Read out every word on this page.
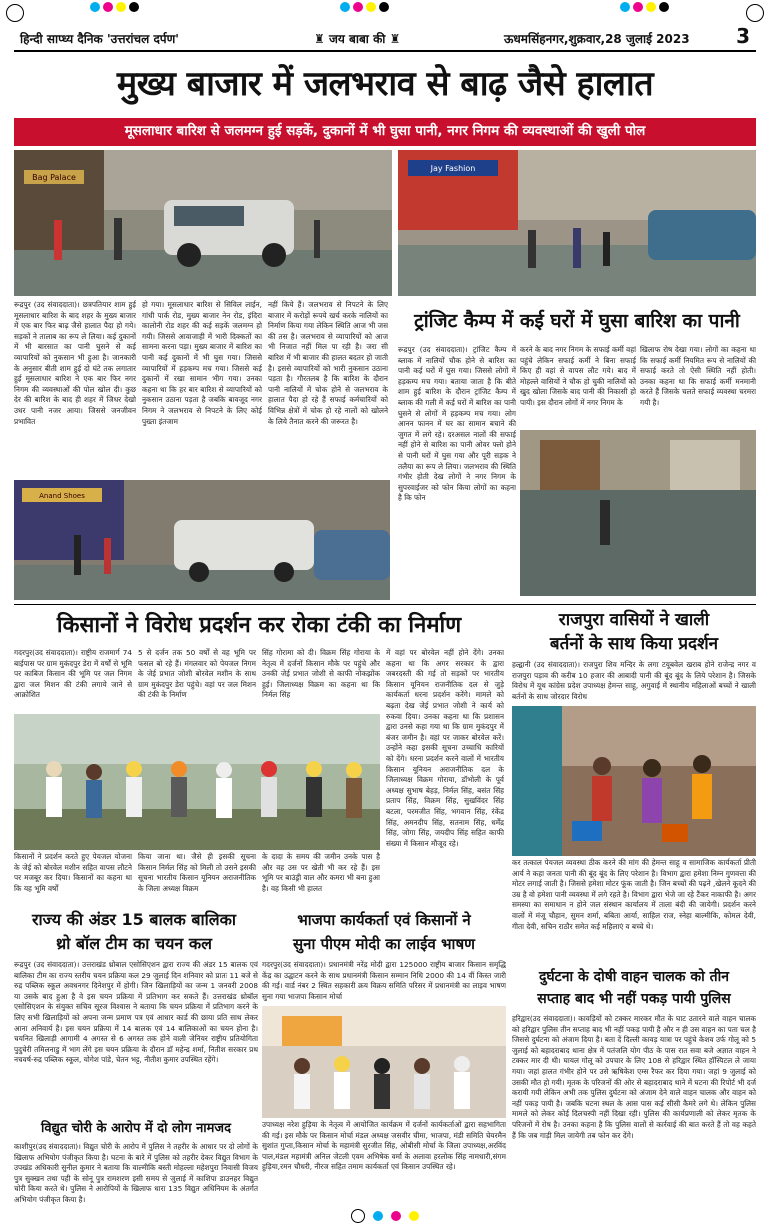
हिन्दी साप्ध्य दैनिक 'उत्तरांचल दर्पण'	♜ जय बाबा की ♜	ऊधमसिंहनगर,शुक्रवार,28 जुलाई 2023 3
मुख्य बाजार में जलभराव से बाढ़ जैसे हालात
मूसलाधार बारिश से जलमग्न हुई सड़कें, दुकानों में भी घुसा पानी, नगर निगम की व्यवस्थाओं की खुली पोल
Bag Palace
Jay Fashion
रूद्रपुर (उद संवाददाता)। छत्रपतियार शाम हुई मूसलाधार बारिश के बाद शहर के मुख्य बाजार में एक बार फिर बाढ़ जैसे हालात पैदा हो गये। सड़कों ने तालाब का रूप ले लिया। कई दुकानों में भी बारसात का पानी घुसने से कई व्यापारियों को नुकसान भी हुआ है। जानकारी के अनुसार बीती शाम हुई दो घंटे तक लगातार हुई मूसलाधार बारिश ने एक बार फिर नगर निगम की व्यवस्थाओं की पोल खोल दी। कुछ देर की बारिश के बाद ही शहर में जिधर देखो उधर पानी नजर आया। जिससे जनजीवन प्रभावित
हो गया। मूसलाधार बारिश से सिविल लाईन, गांधी पार्क रोड, मुख्य बाजार नेन रोड, इंदिरा कालोनी रोड शहर की कई सड़कें जलमग्न हो गयी। जिससे आवाजाही में भारी दिक्कतों का सामना करना पड़ा। मुख्य बाजार में बारिश का पानी कई दुकानों में भी घुस गया। जिससे व्यापारियों में हड़कम्प मच गया। जिससे कई दुकानों में रखा सामान भीग गया। उनका कहना था कि हर बार बारिश से व्यापारियों को नुकसान उठाना पड़ता है जबकि बावजूद नगर निगम ने जलभराव से निपटने के लिए कोई पुख्ता इंतजाम
नहीं किये हैं। जलभराव से निपटने के लिए बाजार में करोड़ों रूपये खर्च करके नालियों का निर्माण किया गया लेकिन स्थिति आज भी जस की तस है। जलभराव से व्यापारियों को आज भी निजात नहीं मिल पा रही है। जरा सी बारिश में भी बाजार की हालत बदतर हो जाती है। इससे व्यापारियों को भारी नुकसान उठाना पड़ता है। गौरतलब है कि बारिश के दौरान पानी नालियों में चोक होने से जलभराव के हालात पैदा हो रहे हैं सफाई कर्मचारियों को विभिन्न क्षेत्रों में चोक हो रहे नालों को खोलने के लिये तैनात करने की जरूरत है।
Anand Shoes
ट्रांजिट कैम्प में कई घरों में घुसा बारिश का पानी
रूद्रपुर (उद संवाददाता)। ट्रांजिट कैम्प में ब्लाक में नालियों चौक होने से बारिश का पानी कई घरों में घुस गया। जिससे लोगों में हड़कम्प मच गया। बताया जाता है कि बीते शाम हुई बारिश के दौरान ट्रांजिट कैम्प में ब्लाक की गली में कई घरों में बारिश का पानी घुसने से लोगों में हड़कम्प मच गया। लोग आनन फानन में घर का सामान बचाने की जुगत में लगे रहे। दरअसल नालों की सफाई नहीं होने से बारिश का पानी ओवर फ्लो होने से पानी घरों में घुस गया और पूरी सड़क ने तलैया का रूप ले लिया। जलभराव की स्थिति गंभीर होती देख लोगों ने नगर निगम के सुपरवाईजर को फोन किया लोगों का कहना है कि फोन
करने के बाद नगर निगम के सफाई कर्मी वहां पहुंचे लेकिन सफाई कर्मी ने बिना सफाई किए ही वहां से वापस लौट गये। बाद में मोहल्ले वासियों ने चौक हो चुकी नालियों को खुद खोला जिसके बाद पानी की निकासी हो पायी। इस दौरान लोगों में नगर निगम के
खिलाफ रोष देखा गया। लोगों का कहना था कि सफाई कर्मी नियमित रूप से नालियों की सफाई करते तो ऐसी स्थिति नहीं होती। उनका कहना था कि सफाई कर्मी मनमानी करते हैं जिसके चलते सफाई व्यवस्था चरमरा गयी है।
किसानों ने विरोध प्रदर्शन कर रोका टंकी का निर्माण
गदरपुर(उद संवाददाता)। राष्ट्रीय राजमार्ग 74 बाईपास पर ग्राम मुकंदपुर डेरा में वर्षों से भूमि पर काबिज किसान की भूमि पर जल निगम द्वारा जल मिशन की टंकी लगाये जाने से आक्रोशित
5 से दर्जन तक 50 वर्षों से वह भूमि पर फसल बो रहे हैं। मंगलवार को पेयजल निगम के जेई प्रभात जोशी बोरवेल मशीन के साथ ग्राम मुकंदपुर डेरा पहुंचे। वहां पर जल मिशन की टंकी के निर्माण
सिंह गोरामा को दी। विक्रम सिंह गोराया के नेतृत्व में दर्जनों किसान मौके पर पहुंचे और उनकी जेई प्रभात जोशी से काफी नोकझोंक हुई। जिलाध्यक्ष विक्रम का कहना था कि निर्मल सिंह
में वहां पर बोरवेल नहीं होने देंगे। उनका कहना था कि अगर सरकार के द्वारा जबरदस्ती की गई तो सड़कों पर भारतीय किसान यूनियन राजनीतिक दल से जुड़े कार्यकर्ता धरना प्रदर्शन करेंगे। मामले को बढ़ता देख जेई प्रभात जोशी ने कार्य को रुकवा दिया। उनका कहना था कि प्रशासन द्वारा उनसे कहा गया था कि ग्राम मुकंदपुर में बंजर जमीन है। वहां पर जाकर बोरवेल करें। उन्होंने कहा इसकी सूचना उच्चाधि कारियों को देंगे। धरना प्रदर्शन करने वालों में भारतीय किसान यूनियन अराजनीतिक दल के जिलाध्यक्ष विक्रम गोराया, डॉभोली के पूर्व अध्यक्ष सुभाष बेहड़, निर्मल सिंह, बसंत सिंह प्रताप सिंह, विक्रम सिंह, सुखविंदर सिंह बटला, परमजीत सिंह, भगवान सिंह, रंकेंद्र सिंह, अमनदीप सिंह, सतनाम सिंह, धर्मेंद्र सिंह, जोगा सिंह, जयदीप सिंह सहित काफी संख्या में किसान मौजूद रहे।
किसानों ने प्रदर्शन करते हुए पेयजल योजना के जेई को बोरवेल मशीन सहित वापस लौटने पर मजबूर कर दिया। किसानों का कहना था कि यह भूमि वर्षों
किया जाना था। जैसे ही इसकी सूचना किसान निर्मल सिंह को मिली तो उसने इसकी सूचना भारतीय किसान यूनियन अराजनीतिक के जिला अध्यक्ष विक्रम
के दादा के समय की जमीन उनके पास है और वह उस पर खेती भी कर रहे हैं। इस भूमि पर बाउंड्री वाल और कमरा भी बना हुआ है। वह किसी भी हालत
राजपुरा वासियों ने खाली
बर्तनों के साथ किया प्रदर्शन
हल्द्वानी (उद संवाददाता)। राजपुरा शिव मन्दिर के लगा टयूबवेल खराब होने राजेन्द्र नगर व राजपुरा पड़ाव की करीब 10 हजार की आबादी पानी की बूंद बूंद के लिये परेशान है। जिसके विरोध में यूथ कांग्रेस प्रदेश उपाध्यक्ष हेमन्त साहू, अगुवाई में स्थानीय महिलाओं बच्चों ने खाली बर्तनों के साथ जोरदार विरोध
कर तत्काल पेयजल व्यवस्था ठीक करने की मांग की हेमन्त साहू व सामाजिक कार्यकर्ता प्रीती आर्य ने कहा जनता पानी की बूंद बूंद के लिए परेशान है। विभाग द्वारा हमेशा निम्न गुणवत्ता की मोटर लगाई जाती है। जिससे हमेशा मोटर फूंक जाती है। जिन बच्चों की पढ़ने ,खेलने कूदने की उम्र है वो हमेशा पानी व्यवस्था में लगे रहते है। विभाग द्वारा भेजे जा रहे टैंकर नाकाफी है। अगर समस्या का समाधान न होने जल संस्थान कार्यालय में ताला बंदी की जायेगी। प्रदर्शन करने वालों में मंजू चौहान, सुमन शर्मा, बबिता आर्या, साहिल राज, स्नेहा बाल्मीकि, कोमल देवी, गीता देवी, सचिन राठौर समेत कई महिलाएं व बच्चे थे।
राज्य की अंडर 15 बालक बालिका
थ्रो बॉल टीम का चयन कल
रूद्रपुर (उद संवाददाता)। उत्तराखंड थ्रोबाल एसोसिएशन द्वारा राज्य की अंडर 15 बालक एवं बालिका टीम का राज्य स्तरीय चयन प्रक्रिया कल 29 जुलाई दिन शनिवार को प्रातः 11 बजे से रुद्र पब्लिक स्कूल अवधनगर दिनेशपुर में होगी। जिन खिलाड़ियों का जन्म 1 जनवरी 2008 या उसके बाद हुआ है वे इस चयन प्रक्रिया में प्रतिभाग कर सकते हैं। उत्तराखंड थ्रोबॉल एसोसिएशन के संयुक्त सचिव सूरज विश्वास ने बताया कि चयन प्रक्रिया में प्रतिभाग करने के लिए सभी खिलाड़ियों को अपना जन्म प्रमाण पत्र एवं आधार कार्ड की छाया प्रति साथ लेकर आना अनिवार्य है। इस चयन प्रक्रिया में 14 बालक एवं 14 बालिकाओं का चयन होना है। चयनित खिलाड़ी आगामी 4 अगस्त से 6 अगस्त तक होने वाली जेनियर राष्ट्रीय प्रतियोगिता पुदुचेरी तमिलनाडु में भाग लेंगे इस चयन प्रक्रिया के दौरान डॉ महेन्द्र शर्मा, नितीश सरकार प्रथ नचवर्ष-रुद्र पब्लिक स्कूल, योगेश पांडे, चेतन भट्ट, नीतीश कुमार उपस्थित रहेंगे।
भाजपा कार्यकर्ता एवं किसानों ने
सुना पीएम मोदी का लाईव भाषण
गदरपुर(उद संवाददाता)। प्रधानमंत्री नरेंद्र मोदी द्वारा 125000 राष्ट्रीय बाजार किसान समृद्धि केंद्र का उद्घाटन करने के साथ प्रधानमंत्री किसान सम्मान निधि 2000 की 14 वीं किस्त जारी की गई। वार्ड नंबर 2 स्थित सहकारी क्रय विक्रय समिति परिसर में प्रधानमंत्री का लाइव भाषण सुना गया भाजपा किसान मोर्चा
उपाध्यक्ष नरेश हुड़िया के नेतृत्व में आयोजित कार्यक्रम में दर्जनों कार्यकर्ताओं द्वारा सहभागिता की गई। इस मौके पर किसान मोर्चा मंडल अध्यक्ष जसवीर चीमा, भाजपा, मंडी समिति चेयरमैन सुशांत गुप्ता,किसान मोर्चा के महामंत्री सुरजीत सिंह, ओबीसी मोर्चा के जिला उपाध्यक्ष,अरविंद पाल,मंडल महामंत्री अनिल जेटली एवम अभिषेक वर्मा के अलावा हरलोक सिंह नामधारी,संगम हुड़िया,रमन चौधरी, नीरज सहित तमाम कार्यकर्ता एवं किसान उपस्थित रहे।
विद्युत चोरी के आरोप में दो लोग नामजद
काशीपुर(उद संवाददाता)। विद्युत चोरी के आरोप में पुलिस ने तहरीर के आधार पर दो लोगों के खिलाफ अभियोग पंजीकृत किया है। घटना के बारे में पुलिस को तहरीर देकर विद्युत विभाग के उपखंड अधिकारी सुनील कुमार ने बताया कि वाल्मीकि बस्ती मोहल्ला महेशपुरा निवासी विजय पुत्र सुक्खन तथा पही के सोनू पुत्र रामशरण इसी समय से जुलाई में काशिपा डाउनहर विद्युत चोरी किया करते थे। पुलिस ने आरोपियों के खिलाफ धारा 135 विद्युत अधिनियम के अंतर्गत अभियोग पंजीकृत किया है।
दुर्घटना के दोषी वाहन चालक को तीन
सप्ताह बाद भी नहीं पकड़ पायी पुलिस
हरिद्वार(उद संवाददाता)। कावड़ियों को टक्कर मारकर मौत के घाट उतारने वाले वाहन चालक को हरिद्वार पुलिस तीन सप्ताह बाद भी नहीं पकड़ पायी है और न ही उस वाहन का पता चल है जिससे दुर्घटना को अंजाम दिया है। बता दें दिल्ली कावड़ यात्रा पर पहुंचे केशव उर्फ गोलू को 5 जुलाई को बहादराबाद थाना क्षेत्र में पतंजलि योग पीठ के पास रात सवा बजे अज्ञात वाहन ने टक्कर मार दी थी। घायल गोलू को उपचार के लिए 108 से हरिद्वार स्थित हॉस्पिटल ले जाया गया। जहां हालत गंभीर होने पर उसे ऋषिकेश एम्स रैफर कर दिया गया। जहां 9 जुलाई को उसकी मौत हो गयी। मृतक के परिजनों की ओर से बहादराबाद थाने में घटना की रिपोर्ट भी दर्ज करायी गयी लेकिन अभी तक पुलिस दुर्घटना को अंजाम देने वाले वाहन चालक और वाहन को नहीं पकड़ पायी है। जबकि घटना स्थल के आस पास कई सीसी कैमरे लगे थे। लेकिन पुलिस मामले को लेकर कोई दिलचस्पी नहीं दिखा रही। पुलिस की कार्यप्रणाली को लेकर मृतक के परिजनों में रोष है। उनका कहना है कि पुलिस वालों से कार्रवाई की बात करते हैं तो वह कहते हैं कि जब गाड़ी मिल जायेगी तब फोन कर देंगे।
